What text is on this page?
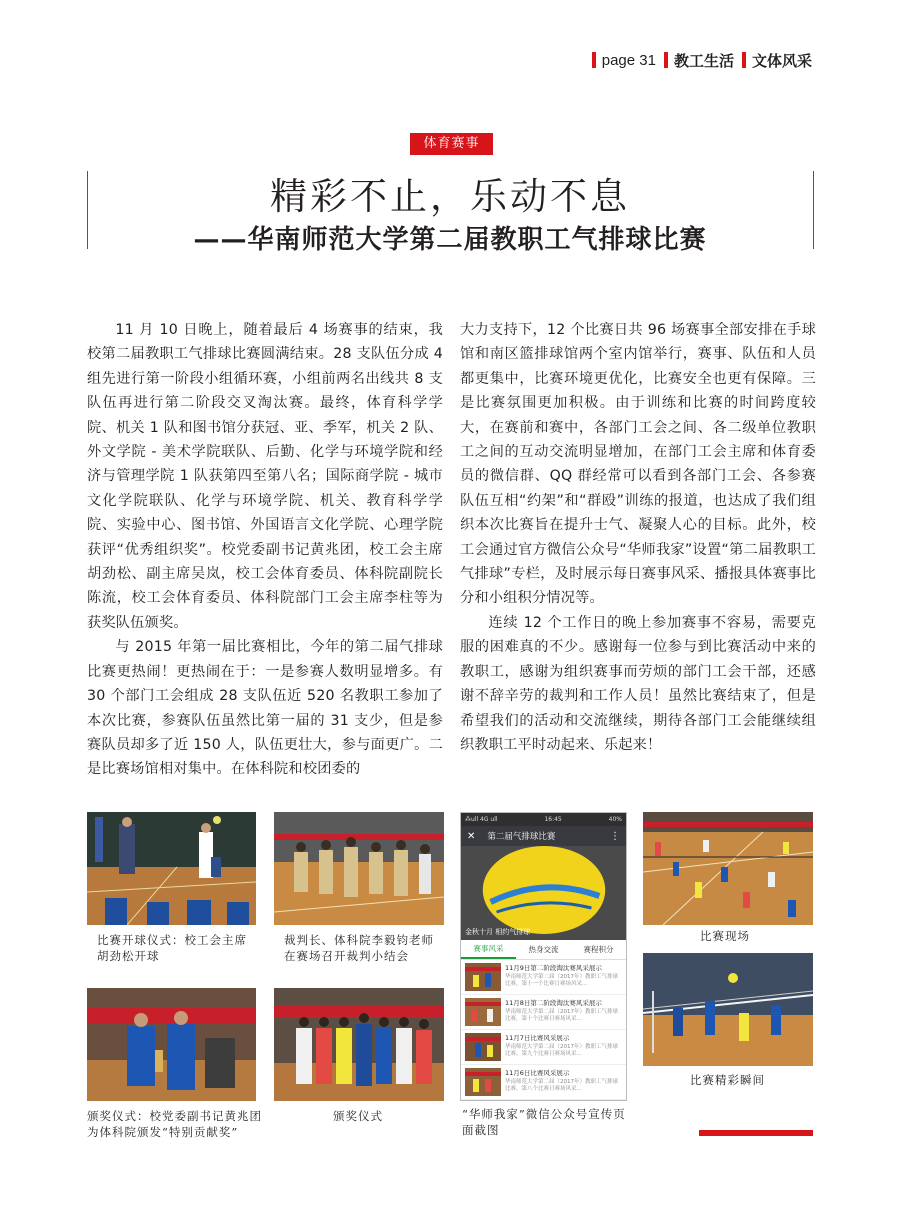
page 31 教工生活 文体风采
体育赛事
精彩不止，乐动不息
——华南师范大学第二届教职工气排球比赛

11 月 10 日晚上，随着最后 4 场赛事的结束，我校第二届教职工气排球比赛圆满结束。28 支队伍分成 4 组先进行第一阶段小组循环赛，小组前两名出线共 8 支队伍再进行第二阶段交叉淘汰赛。最终，体育科学学院、机关 1 队和图书馆分获冠、亚、季军，机关 2 队、外文学院 - 美术学院联队、后勤、化学与环境学院和经济与管理学院 1 队获第四至第八名；国际商学院 - 城市文化学院联队、化学与环境学院、机关、教育科学学院、实验中心、图书馆、外国语言文化学院、心理学院获评“优秀组织奖”。校党委副书记黄兆团，校工会主席胡劲松、副主席吴岚，校工会体育委员、体科院副院长陈流，校工会体育委员、体科院部门工会主席李柱等为获奖队伍颁奖。

与 2015 年第一届比赛相比，今年的第二届气排球比赛更热闹！更热闹在于：一是参赛人数明显增多。有 30 个部门工会组成 28 支队伍近 520 名教职工参加了本次比赛，参赛队伍虽然比第一届的 31 支少，但是参赛队员却多了近 150 人，队伍更壮大，参与面更广。二是比赛场馆相对集中。在体科院和校团委的

大力支持下，12 个比赛日共 96 场赛事全部安排在手球馆和南区篮排球馆两个室内馆举行，赛事、队伍和人员都更集中，比赛环境更优化，比赛安全也更有保障。三是比赛氛围更加积极。由于训练和比赛的时间跨度较大，在赛前和赛中，各部门工会之间、各二级单位教职工之间的互动交流明显增加，在部门工会主席和体育委员的微信群、QQ 群经常可以看到各部门工会、各参赛队伍互相“约架”和“群殴”训练的报道，也达成了我们组织本次比赛旨在提升士气、凝聚人心的目标。此外，校工会通过官方微信公众号“华师我家”设置“第二届教职工气排球”专栏，及时展示每日赛事风采、播报具体赛事比分和小组积分情况等。

连续 12 个工作日的晚上参加赛事不容易，需要克服的困难真的不少。感谢每一位参与到比赛活动中来的教职工，感谢为组织赛事而劳烦的部门工会干部，还感谢不辞辛劳的裁判和工作人员！虽然比赛结束了，但是希望我们的活动和交流继续，期待各部门工会能继续组织教职工平时动起来、乐起来！

比赛开球仪式：校工会主席胡劲松开球
裁判长、体科院李毅钧老师在赛场召开裁判小结会
颁奖仪式：校党委副书记黄兆团为体科院颁发“特别贡献奖”
颁奖仪式
⁂ull 4G ull	16:45	40%
✕ 第二届气排球比赛	⋮
金秋十月 相约气排球
赛事风采	热身交流	赛程积分
11月9日第二阶段淘汰赛风采展示
华南师范大学第二届（2017年）教职工气排球比赛，第十一个比赛日赛场风采...
11月8日第二阶段淘汰赛风采展示
华南师范大学第二届（2017年）教职工气排球比赛，第十个比赛日赛场风采...
11月7日比赛风采展示
华南师范大学第二届（2017年）教职工气排球比赛，第九个比赛日赛场风采...
11月6日比赛风采展示
华南师范大学第二届（2017年）教职工气排球比赛，第八个比赛日赛场风采...
“华师我家”微信公众号宣传页面截图
比赛现场
比赛精彩瞬间
